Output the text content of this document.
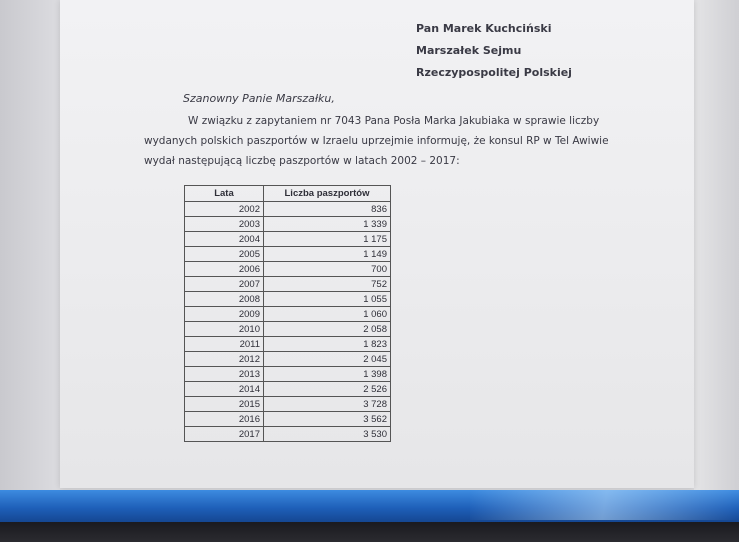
Pan Marek Kuchciński
Marszałek Sejmu
Rzeczypospolitej Polskiej
Szanowny Panie Marszałku,
W związku z zapytaniem nr 7043 Pana Posła Marka Jakubiaka w sprawie liczby
wydanych polskich paszportów w Izraelu uprzejmie informuję, że konsul RP w Tel Awiwie
wydał następującą liczbę paszportów w latach 2002 – 2017:
Lata	Liczba paszportów
2002	836
2003	1 339
2004	1 175
2005	1 149
2006	700
2007	752
2008	1 055
2009	1 060
2010	2 058
2011	1 823
2012	2 045
2013	1 398
2014	2 526
2015	3 728
2016	3 562
2017	3 530
